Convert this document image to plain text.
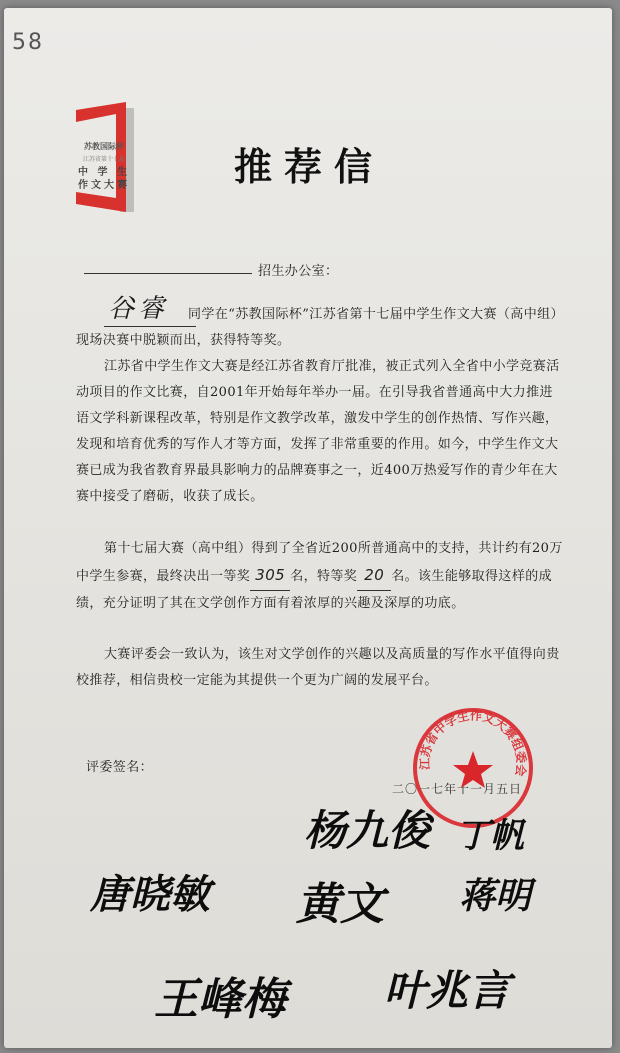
58
苏教国际杯
江苏省第十七届
中 学 生
作文大赛	推荐信
招生办公室：
谷睿	同学在“苏教国际杯”江苏省第十七届中学生作文大赛（高中组）现场决赛中脱颖而出，获得特等奖。

江苏省中学生作文大赛是经江苏省教育厅批准，被正式列入全省中小学竞赛活动项目的作文比赛，自2001年开始每年举办一届。在引导我省普通高中大力推进语文学科新课程改革，特别是作文教学改革，激发中学生的创作热情、写作兴趣，发现和培育优秀的写作人才等方面，发挥了非常重要的作用。如今，中学生作文大赛已成为我省教育界最具影响力的品牌赛事之一，近400万热爱写作的青少年在大赛中接受了磨砺，收获了成长。

第十七届大赛（高中组）得到了全省近200所普通高中的支持，共计约有20万中学生参赛，最终决出一等奖 305 名，特等奖 20 名。该生能够取得这样的成绩，充分证明了其在文学创作方面有着浓厚的兴趣及深厚的功底。

大赛评委会一致认为，该生对文学创作的兴趣以及高质量的写作水平值得向贵校推荐，相信贵校一定能为其提供一个更为广阔的发展平台。

评委签名：
二〇一七年十一月五日
江苏省中学生作文大赛组委会
杨九俊 丁帆
唐晓敏 黄文 蒋明
王峰梅 叶兆言
